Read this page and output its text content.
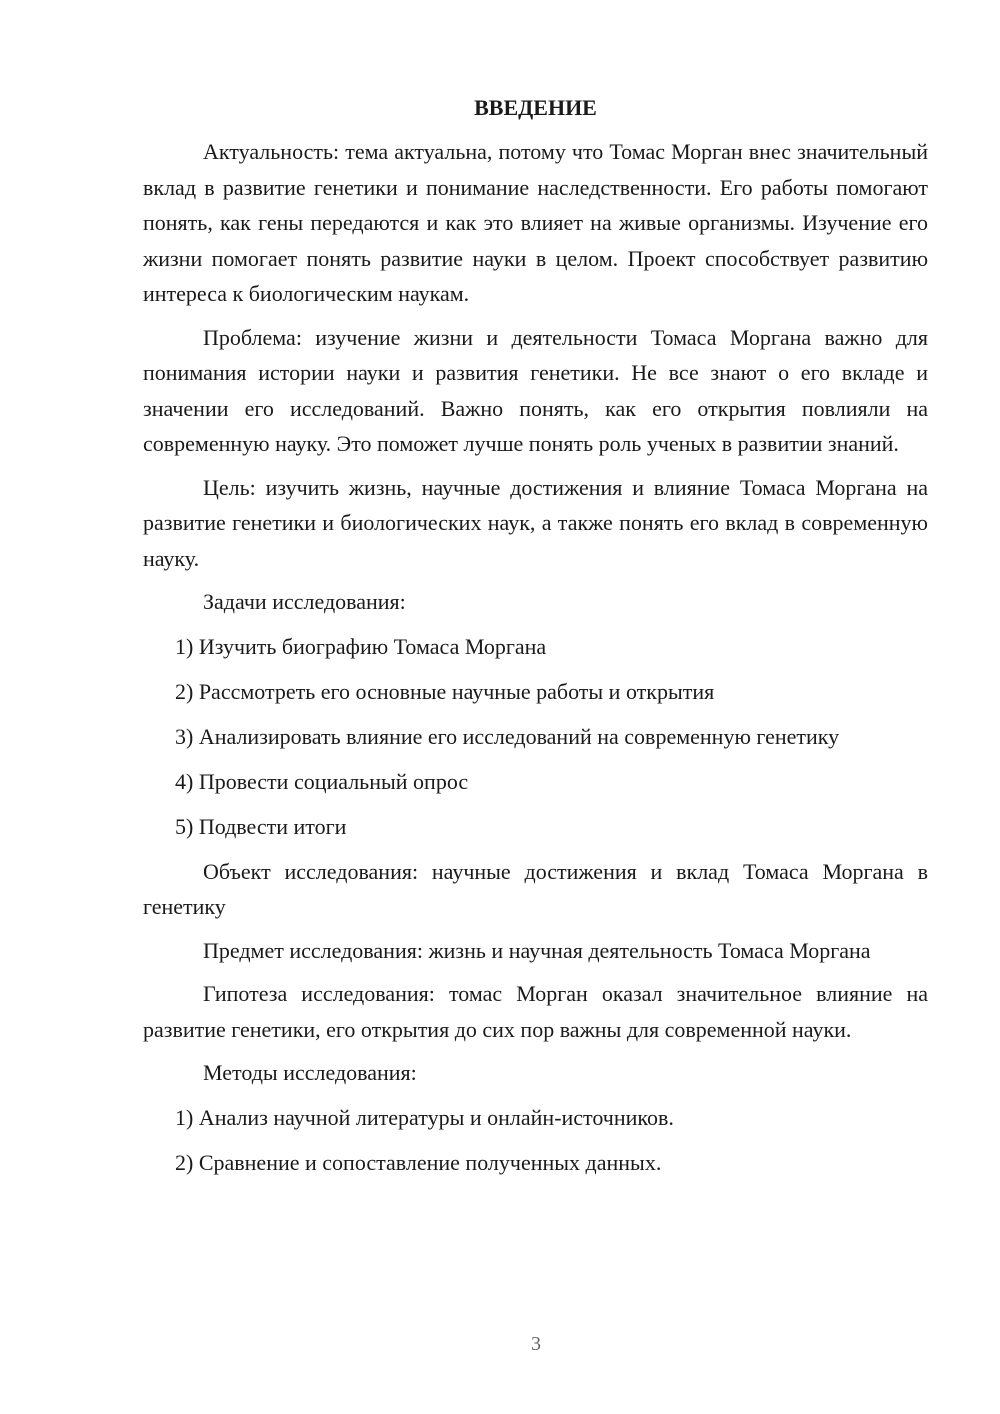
ВВЕДЕНИЕ

Актуальность: тема актуальна, потому что Томас Морган внес значительный вклад в развитие генетики и понимание наследственности. Его работы помогают понять, как гены передаются и как это влияет на живые организмы. Изучение его жизни помогает понять развитие науки в целом. Проект способствует развитию интереса к биологическим наукам.

Проблема: изучение жизни и деятельности Томаса Моргана важно для понимания истории науки и развития генетики. Не все знают о его вкладе и значении его исследований. Важно понять, как его открытия повлияли на современную науку. Это поможет лучше понять роль ученых в развитии знаний.

Цель: изучить жизнь, научные достижения и влияние Томаса Моргана на развитие генетики и биологических наук, а также понять его вклад в современную науку.

Задачи исследования:
1) Изучить биографию Томаса Моргана
2) Рассмотреть его основные научные работы и открытия
3) Анализировать влияние его исследований на современную генетику
4) Провести социальный опрос
5) Подвести итоги

Объект исследования: научные достижения и вклад Томаса Моргана в генетику

Предмет исследования: жизнь и научная деятельность Томаса Моргана

Гипотеза исследования: томас Морган оказал значительное влияние на развитие генетики, его открытия до сих пор важны для современной науки.

Методы исследования:
1) Анализ научной литературы и онлайн-источников.
2) Сравнение и сопоставление полученных данных.
3
